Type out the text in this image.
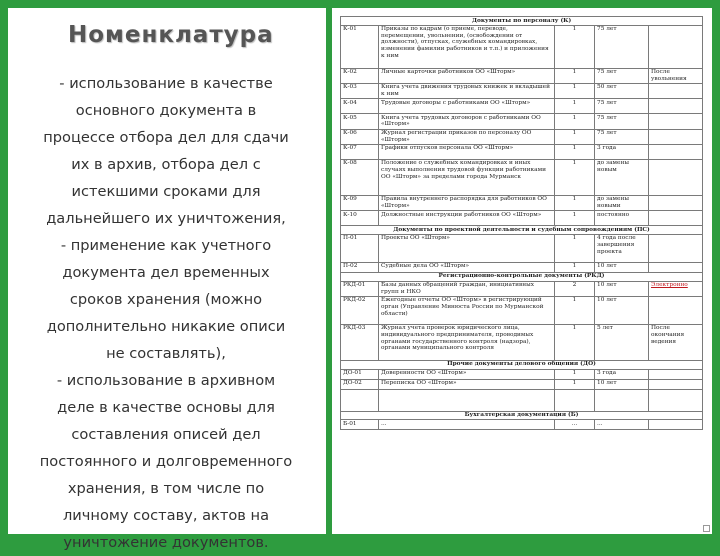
Номенклатура

- использование в качестве

основного документа в

процессе отбора дел для сдачи

их в архив, отбора дел с

истекшими сроками для

дальнейшего их уничтожения,

- применение как учетного

документа дел временных

сроков хранения (можно

дополнительно никакие описи

не составлять),

- использование в архивном

деле в качестве основы для

составления описей дел

постоянного и долговременного

хранения, в том числе по

личному составу, актов на

уничтожение документов.

Документы по персоналу (К)				
К-01	Приказы по кадрам (о приеме, переводе, перемещении, увольнении, (освобождении от должности), отпусках, служебных командировках, изменении фамилии работников и т.п.) и приложения к ним	1	75 лет	
К-02	Личные карточки работников ОО «Шторм»	1	75 лет	После увольнения
К-03	Книга учета движения трудовых книжек и вкладышей к ним	1	50 лет	
К-04	Трудовые договоры с работниками ОО «Шторм»	1	75 лет	
К-05	Книга учета трудовых договоров с работниками ОО «Шторм»	1	75 лет	
К-06	Журнал регистрации приказов по персоналу ОО «Шторм»	1	75 лет	
К-07	Графики отпусков персонала ОО «Шторм»	1	3 года	
К-08	Положение о служебных командировках и иных случаях выполнения трудовой функции работниками ОО «Шторм» за пределами города Мурманск	1	до замены новым	
К-09	Правила внутреннего распорядка для работников ОО «Шторм»	1	до замены новыми	
К-10	Должностные инструкции работников ОО «Шторм»	1	постоянно	
Документы по проектной деятельности и судебным сопровождениям (ПС)				
П-01	Проекты ОО «Шторм»	1	4 года после завершения проекта	
П-02	Судебные дела ОО «Шторм»	1	10 лет	
Регистрационно-контрольные документы (РКД)				
РКД-01	Базы данных обращений граждан, инициативных групп и НКО	2	10 лет	Электронно
РКД-02	Ежегодные отчеты ОО «Шторм» в регистрирующий орган (Управление Минюста России по Мурманской области)	1	10 лет	
РКД-03	Журнал учета проверок юридического лица, индивидуального предпринимателя, проводимых органами государственного контроля (надзора), органами муниципального контроля	1	5 лет	После окончания ведения
Прочие документы делового общения (ДО)				
ДО-01	Доверенности ОО «Шторм»	1	3 года	
ДО-02	Переписка ОО «Шторм»	1	10 лет	

Бухгалтерская документация (Б)				
Б-01	...	...	...	
